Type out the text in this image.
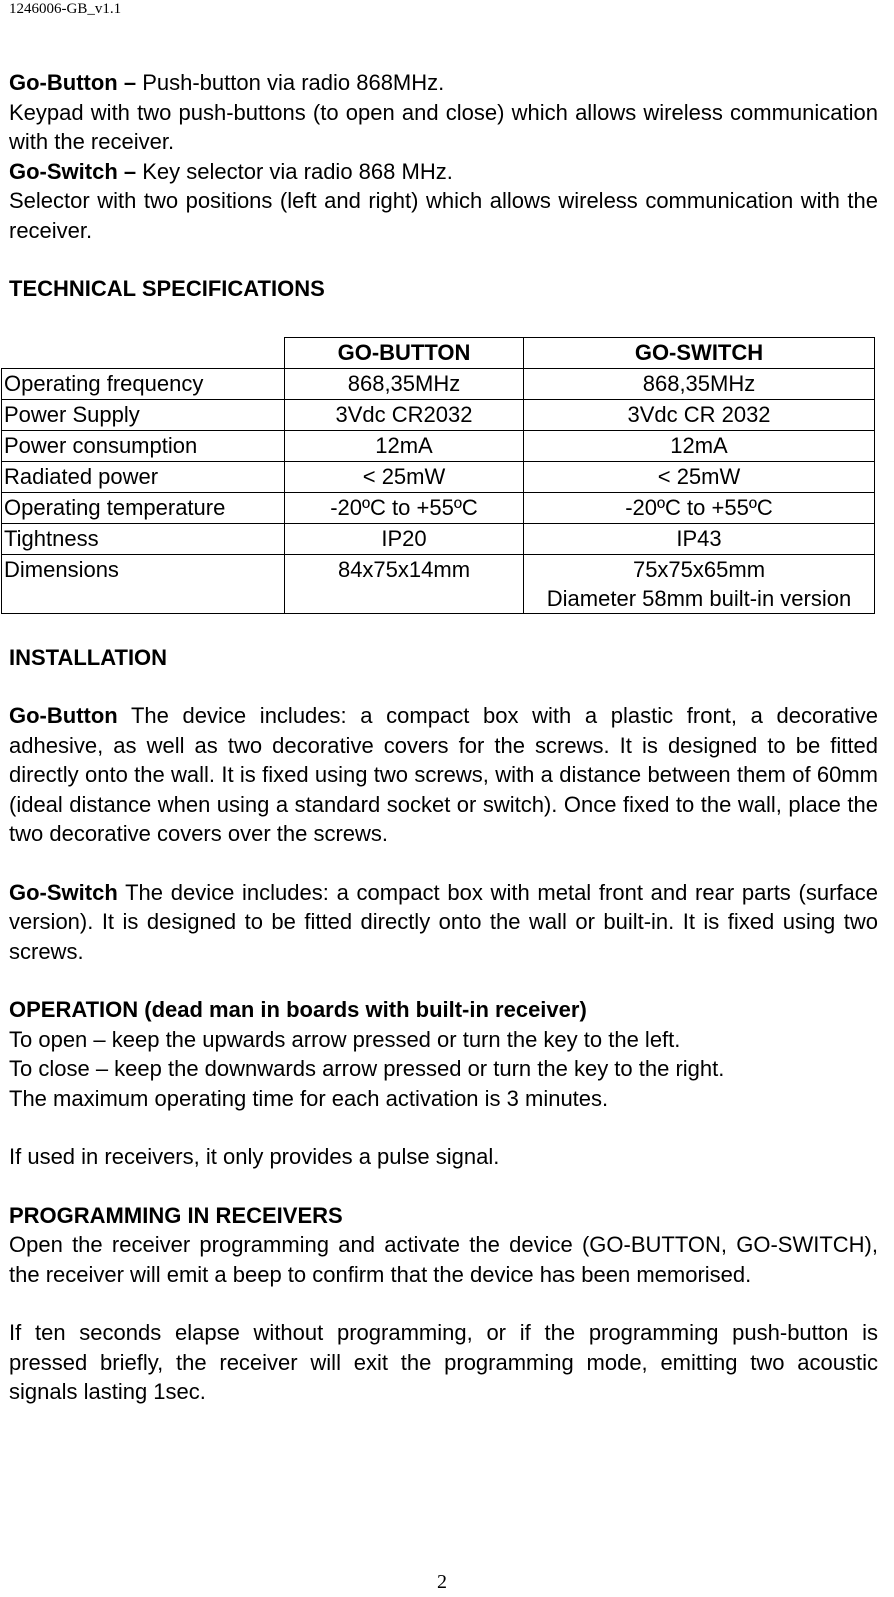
1246006-GB_v1.1

Go-Button – Push-button via radio 868MHz.

Keypad with two push-buttons (to open and close) which allows wireless communication with the receiver.

Go-Switch – Key selector via radio 868 MHz.

Selector with two positions (left and right) which allows wireless communication with the receiver.

TECHNICAL SPECIFICATIONS

	GO-BUTTON	GO-SWITCH
Operating frequency	868,35MHz	868,35MHz
Power Supply	3Vdc CR2032	3Vdc CR 2032
Power consumption	12mA	12mA
Radiated power	< 25mW	< 25mW
Operating temperature	-20ºC to +55ºC	-20ºC to +55ºC
Tightness	IP20	IP43
Dimensions	84x75x14mm	75x75x65mm
Diameter 58mm built-in version

INSTALLATION

Go-Button The device includes: a compact box with a plastic front, a decorative adhesive, as well as two decorative covers for the screws. It is designed to be fitted directly onto the wall. It is fixed using two screws, with a distance between them of 60mm (ideal distance when using a standard socket or switch). Once fixed to the wall, place the two decorative covers over the screws.

Go-Switch The device includes: a compact box with metal front and rear parts (surface version). It is designed to be fitted directly onto the wall or built-in. It is fixed using two screws.

OPERATION (dead man in boards with built-in receiver)

To open – keep the upwards arrow pressed or turn the key to the left.

To close – keep the downwards arrow pressed or turn the key to the right.

The maximum operating time for each activation is 3 minutes.

If used in receivers, it only provides a pulse signal.

PROGRAMMING IN RECEIVERS

Open the receiver programming and activate the device (GO-BUTTON, GO-SWITCH), the receiver will emit a beep to confirm that the device has been memorised.

If ten seconds elapse without programming, or if the programming push-button is pressed briefly, the receiver will exit the programming mode, emitting two acoustic signals lasting 1sec.

2
